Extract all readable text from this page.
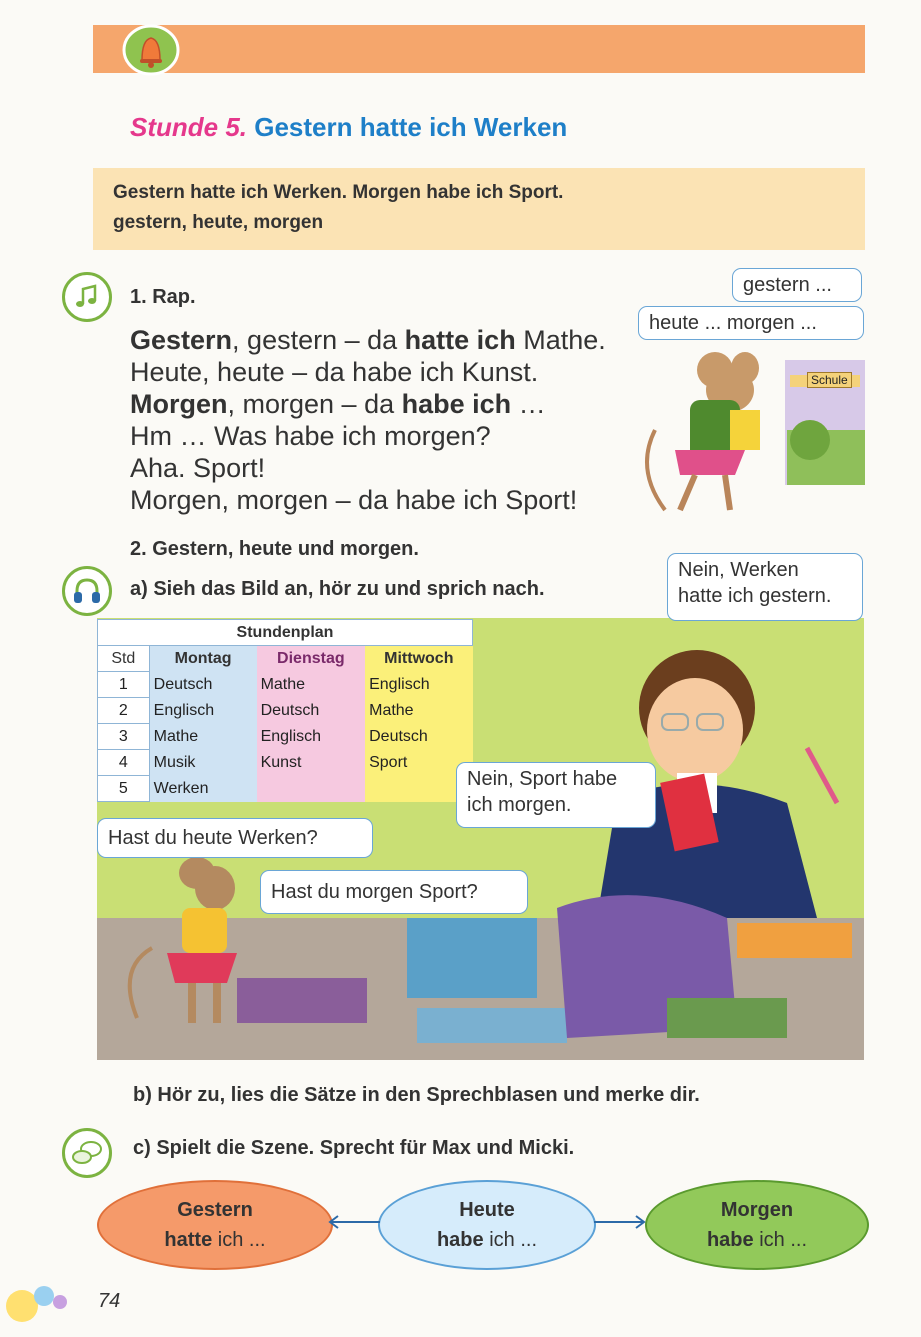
Stunde 5. Gestern hatte ich Werken
Gestern hatte ich Werken. Morgen habe ich Sport.
gestern, heute, morgen
1. Rap.
Gestern, gestern – da hatte ich Mathe.
Heute, heute – da habe ich Kunst.
Morgen, morgen – da habe ich …
Hm … Was habe ich morgen?
Aha. Sport!
Morgen, morgen – da habe ich Sport!
gestern ...
heute ... morgen ...
Schule
2. Gestern, heute und morgen.
a) Sieh das Bild an, hör zu und sprich nach.
Stundenplan			
Std	Montag	Dienstag	Mittwoch
1	Deutsch	Mathe	Englisch
2	Englisch	Deutsch	Mathe
3	Mathe	Englisch	Deutsch
4	Musik	Kunst	Sport
5	Werken		
Nein, Werken
hatte ich gestern.
Nein, Sport habe
ich morgen.
Hast du heute Werken?
Hast du morgen Sport?
b) Hör zu, lies die Sätze in den Sprechblasen und merke dir.
c) Spielt die Szene. Sprecht für Max und Micki.
Gestern
hatte ich ...
Heute
habe ich ...
Morgen
habe ich ...
74
